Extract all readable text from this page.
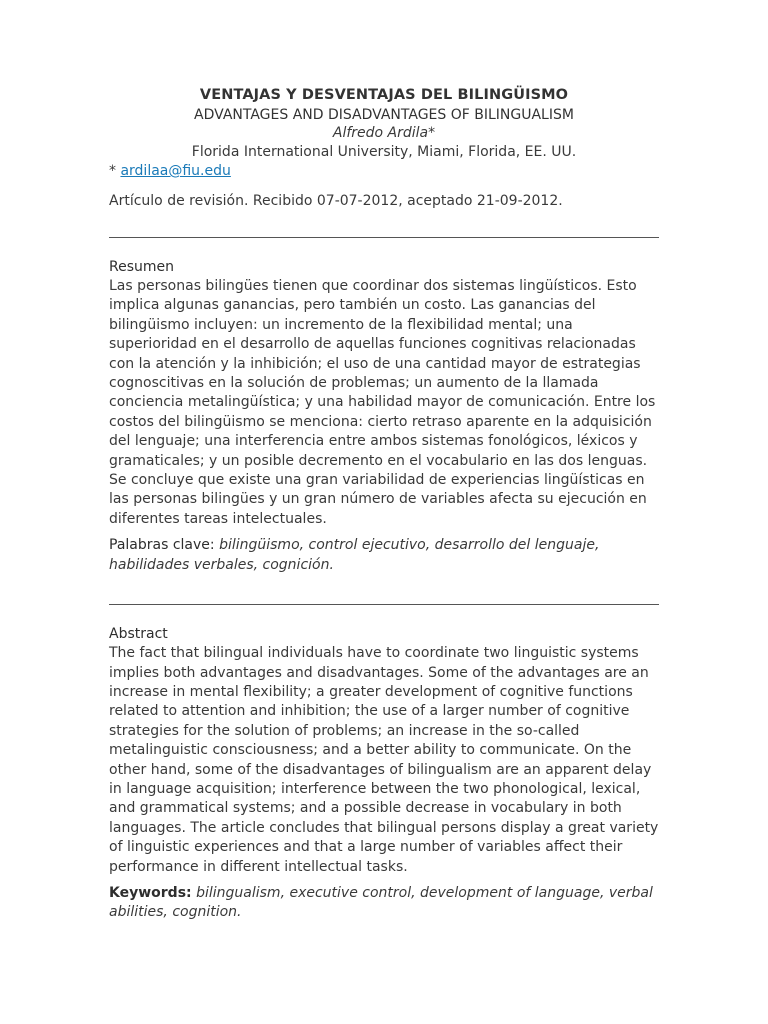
VENTAJAS Y DESVENTAJAS DEL BILINGÜISMO

ADVANTAGES AND DISADVANTAGES OF BILINGUALISM

Alfredo Ardila*

Florida International University, Miami, Florida, EE. UU.

* ardilaa@fiu.edu

Artículo de revisión. Recibido 07-07-2012, aceptado 21-09-2012.

Resumen

Las personas bilingües tienen que coordinar dos sistemas lingüísticos. Esto implica algunas ganancias, pero también un costo. Las ganancias del bilingüismo incluyen: un incremento de la flexibilidad mental; una superioridad en el desarrollo de aquellas funciones cognitivas relacionadas con la atención y la inhibición; el uso de una cantidad mayor de estrategias cognoscitivas en la solución de problemas; un aumento de la llamada conciencia metalingüística; y una habilidad mayor de comunicación. Entre los costos del bilingüismo se menciona: cierto retraso aparente en la adquisición del lenguaje; una interferencia entre ambos sistemas fonológicos, léxicos y gramaticales; y un posible decremento en el vocabulario en las dos lenguas. Se concluye que existe una gran variabilidad de experiencias lingüísticas en las personas bilingües y un gran número de variables afecta su ejecución en diferentes tareas intelectuales.

Palabras clave: bilingüismo, control ejecutivo, desarrollo del lenguaje, habilidades verbales, cognición.

Abstract

The fact that bilingual individuals have to coordinate two linguistic systems implies both advantages and disadvantages. Some of the advantages are an increase in mental flexibility; a greater development of cognitive functions related to attention and inhibition; the use of a larger number of cognitive strategies for the solution of problems; an increase in the so-called metalinguistic consciousness; and a better ability to communicate. On the other hand, some of the disadvantages of bilingualism are an apparent delay in language acquisition; interference between the two phonological, lexical, and grammatical systems; and a possible decrease in vocabulary in both languages. The article concludes that bilingual persons display a great variety of linguistic experiences and that a large number of variables affect their performance in different intellectual tasks.

Keywords: bilingualism, executive control, development of language, verbal abilities, cognition.
